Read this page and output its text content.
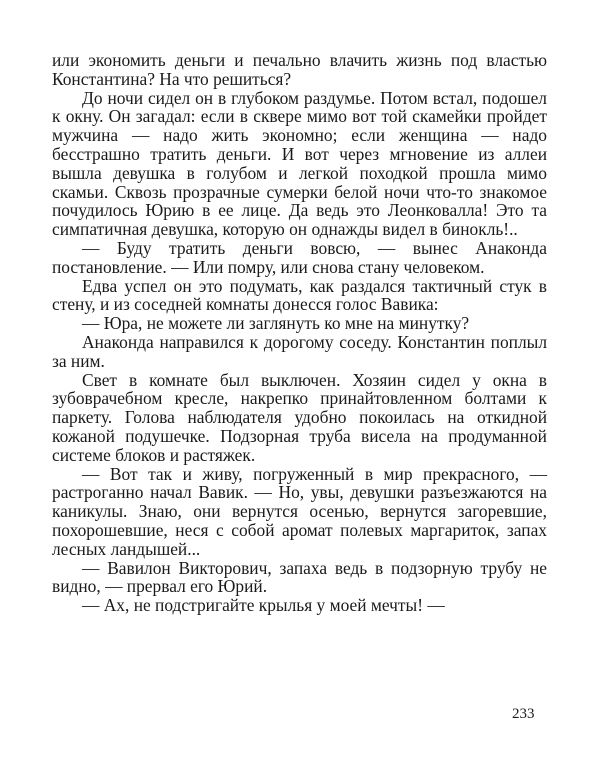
или экономить деньги и печально влачить жизнь под властью Константина? На что решиться?

До ночи сидел он в глубоком раздумье. Потом встал, подошел к окну. Он загадал: если в сквере мимо вот той скамейки пройдет мужчина — надо жить экономно; если женщина — надо бесстрашно тратить деньги. И вот через мгновение из аллеи вышла девушка в голубом и легкой походкой прошла мимо скамьи. Сквозь прозрачные сумерки белой ночи что-то знакомое почудилось Юрию в ее лице. Да ведь это Леонковалла! Это та симпатичная девушка, которую он однажды видел в бинокль!..

— Буду тратить деньги вовсю, — вынес Анаконда постановление. — Или помру, или снова стану человеком.

Едва успел он это подумать, как раздался тактичный стук в стену, и из соседней комнаты донесся голос Вавика:

— Юра, не можете ли заглянуть ко мне на минутку?

Анаконда направился к дорогому соседу. Константин поплыл за ним.

Свет в комнате был выключен. Хозяин сидел у окна в зубоврачебном кресле, накрепко принайтовленном болтами к паркету. Голова наблюдателя удобно покоилась на откидной кожаной подушечке. Подзорная труба висела на продуманной системе блоков и растяжек.

— Вот так и живу, погруженный в мир прекрасного, — растроганно начал Вавик. — Но, увы, девушки разъезжаются на каникулы. Знаю, они вернутся осенью, вернутся загоревшие, похорошевшие, неся с собой аромат полевых маргариток, запах лесных ландышей...

— Вавилон Викторович, запаха ведь в подзорную трубу не видно, — прервал его Юрий.

— Ах, не подстригайте крылья у моей мечты! —

233
